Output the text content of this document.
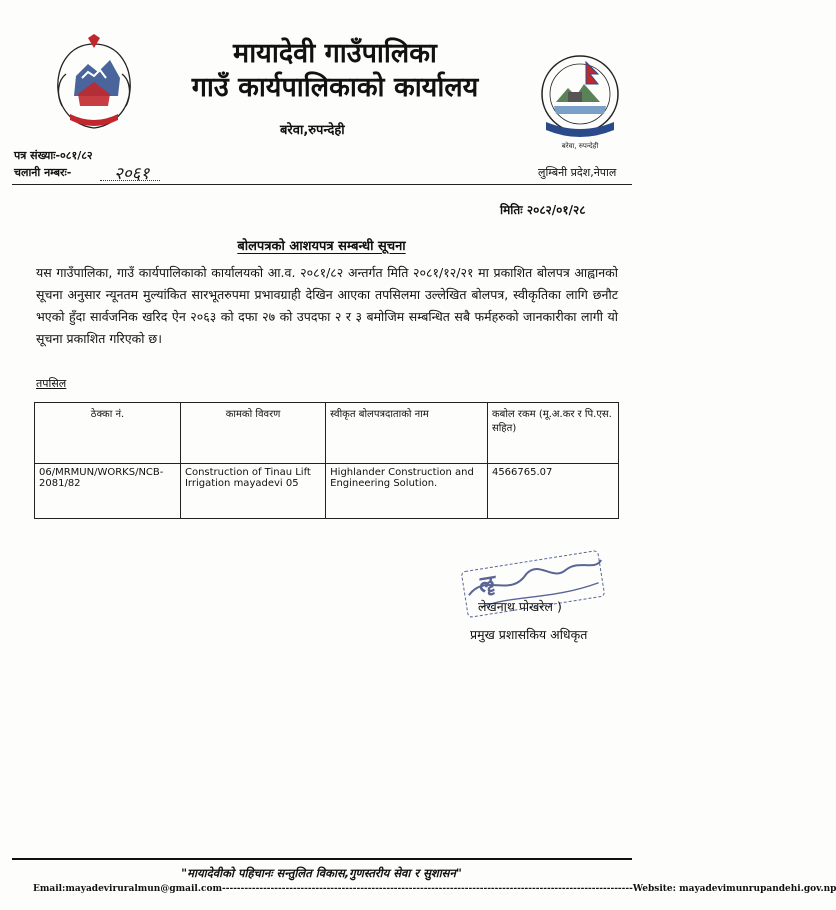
बरेवा, रुपन्देही
मायादेवी गाउँपालिका
गाउँ कार्यपालिकाको कार्यालय
बरेवा,रुपन्देही
पत्र संख्याः-०८१/८२
चलानी नम्बरः-	२०६१	लुम्बिनी प्रदेश,नेपाल
मितिः २०८२/०१/२८
बोलपत्रको आशयपत्र सम्बन्धी सूचना

यस गाउँपालिका, गाउँ कार्यपालिकाको कार्यालयको आ.व. २०८१/८२ अन्तर्गत मिति २०८१/१२/२१ मा प्रकाशित बोलपत्र आह्वानको सूचना अनुसार न्यूनतम मुल्यांकित सारभूतरुपमा प्रभावग्राही देखिन आएका तपसिलमा उल्लेखित बोलपत्र, स्वीकृतिका लागि छनौट भएको हुँदा सार्वजनिक खरिद ऐन २०६३ को दफा २७ को उपदफा २ र ३ बमोजिम सम्बन्धित सबै फर्महरुको जानकारीका लागी यो सूचना प्रकाशित गरिएको छ।

तपसिल
ठेक्का नं.	कामको विवरण	स्वीकृत बोलपत्रदाताको नाम	कबोल रकम (मू.अ.कर र पि.एस. सहित)
06/MRMUN/WORKS/NCB-2081/82	Construction of Tinau Lift Irrigation mayadevi 05	Highlander Construction and Engineering Solution.	4566765.07
ॡ
लेखनाथ पोखरेल )
प्रमुख प्रशासकिय अधिकृत
"मायादेवीको पहिचानः सन्तुलित विकास,गुणस्तरीय सेवा र सुशासन"
Email:mayadeviruralmun@gmail.com -------------------------------------------------------------------------------------------------------------- Website: mayadevimunrupandehi.gov.np
